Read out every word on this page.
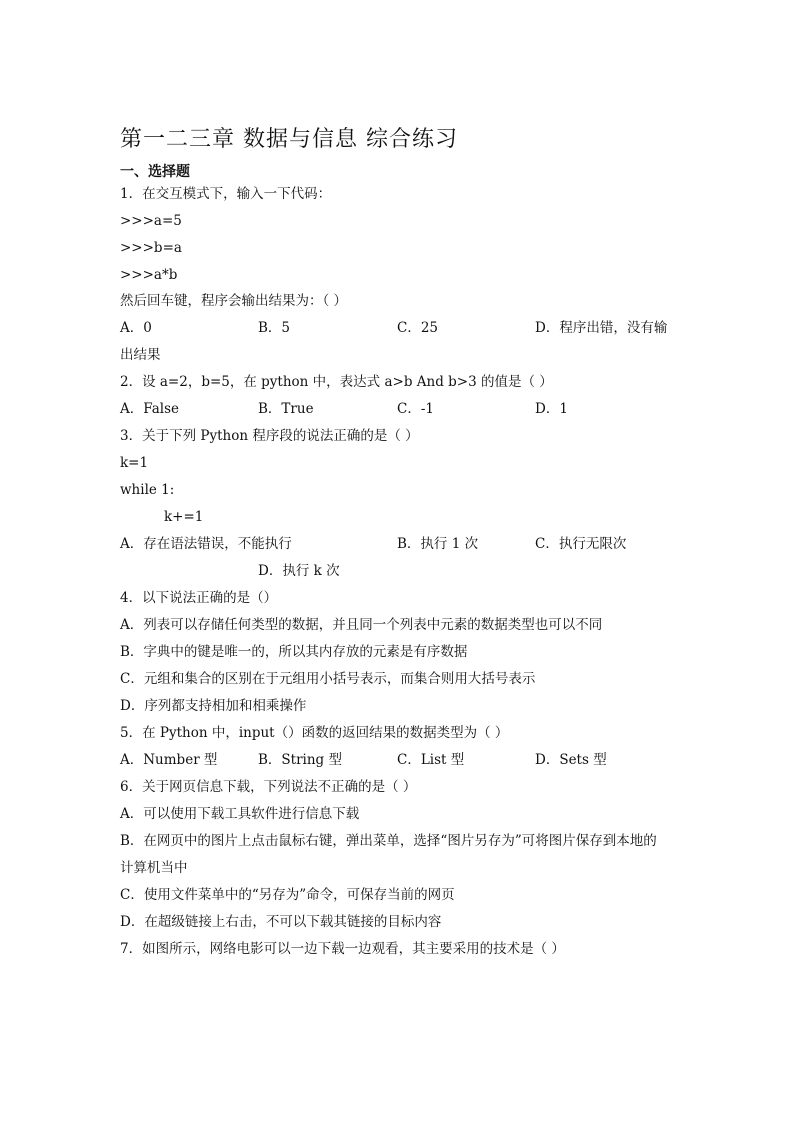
第一二三章 数据与信息 综合练习
一、选择题
1．在交互模式下，输入一下代码：
>>>a=5
>>>b=a
>>>a*b
然后回车键，程序会输出结果为：（ ）
A．0	B．5	C．25	D．程序出错，没有输
出结果
2．设 a=2，b=5，在 python 中，表达式 a>b And b>3 的值是（ ）
A．False	B．True	C．-1	D．1
3．关于下列 Python 程序段的说法正确的是（ ）
k=1
while 1:
k+=1
A．存在语法错误，不能执行	B．执行 1 次	C．执行无限次
D．执行 k 次
4．以下说法正确的是（）
A．列表可以存储任何类型的数据，并且同一个列表中元素的数据类型也可以不同
B．字典中的键是唯一的，所以其内存放的元素是有序数据
C．元组和集合的区别在于元组用小括号表示，而集合则用大括号表示
D．序列都支持相加和相乘操作
5．在 Python 中，input（）函数的返回结果的数据类型为（ ）
A．Number 型	B．String 型	C．List 型	D．Sets 型
6．关于网页信息下载，下列说法不正确的是（ ）
A．可以使用下载工具软件进行信息下载
B．在网页中的图片上点击鼠标右键，弹出菜单，选择“图片另存为”可将图片保存到本地的
计算机当中
C．使用文件菜单中的“另存为”命令，可保存当前的网页
D．在超级链接上右击，不可以下载其链接的目标内容
7．如图所示，网络电影可以一边下载一边观看，其主要采用的技术是（ ）
